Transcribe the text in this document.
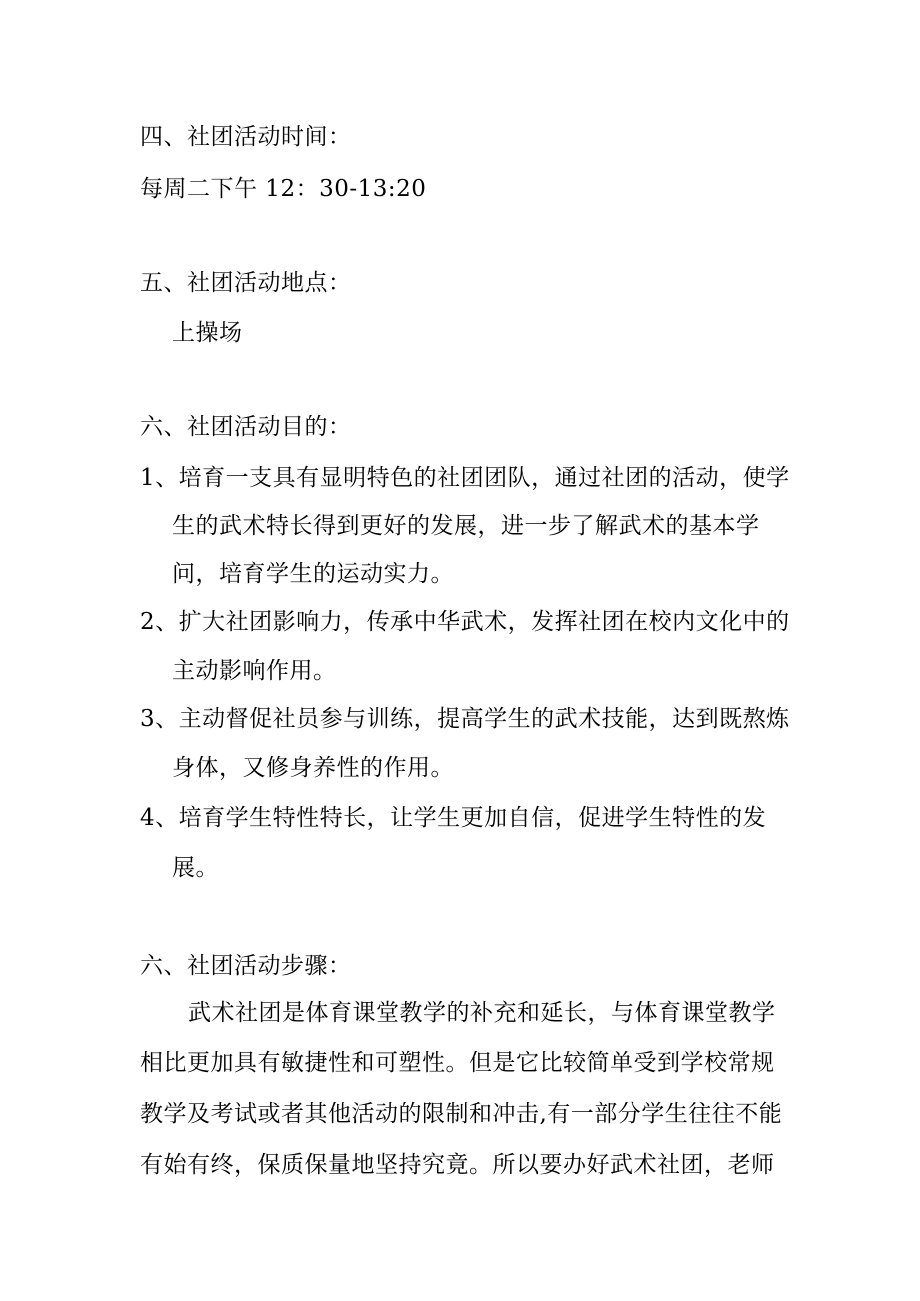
四、社团活动时间：
每周二下午 12：30-13:20
五、社团活动地点：
上操场
六、社团活动目的：
1、培育一支具有显明特色的社团团队，通过社团的活动，使学
生的武术特长得到更好的发展，进一步了解武术的基本学
问，培育学生的运动实力。
2、扩大社团影响力，传承中华武术，发挥社团在校内文化中的
主动影响作用。
3、主动督促社员参与训练，提高学生的武术技能，达到既熬炼
身体，又修身养性的作用。
4、培育学生特性特长，让学生更加自信，促进学生特性的发
展。
六、社团活动步骤：
武术社团是体育课堂教学的补充和延长，与体育课堂教学
相比更加具有敏捷性和可塑性。但是它比较简单受到学校常规
教学及考试或者其他活动的限制和冲击,有一部分学生往往不能
有始有终，保质保量地坚持究竟。所以要办好武术社团，老师
